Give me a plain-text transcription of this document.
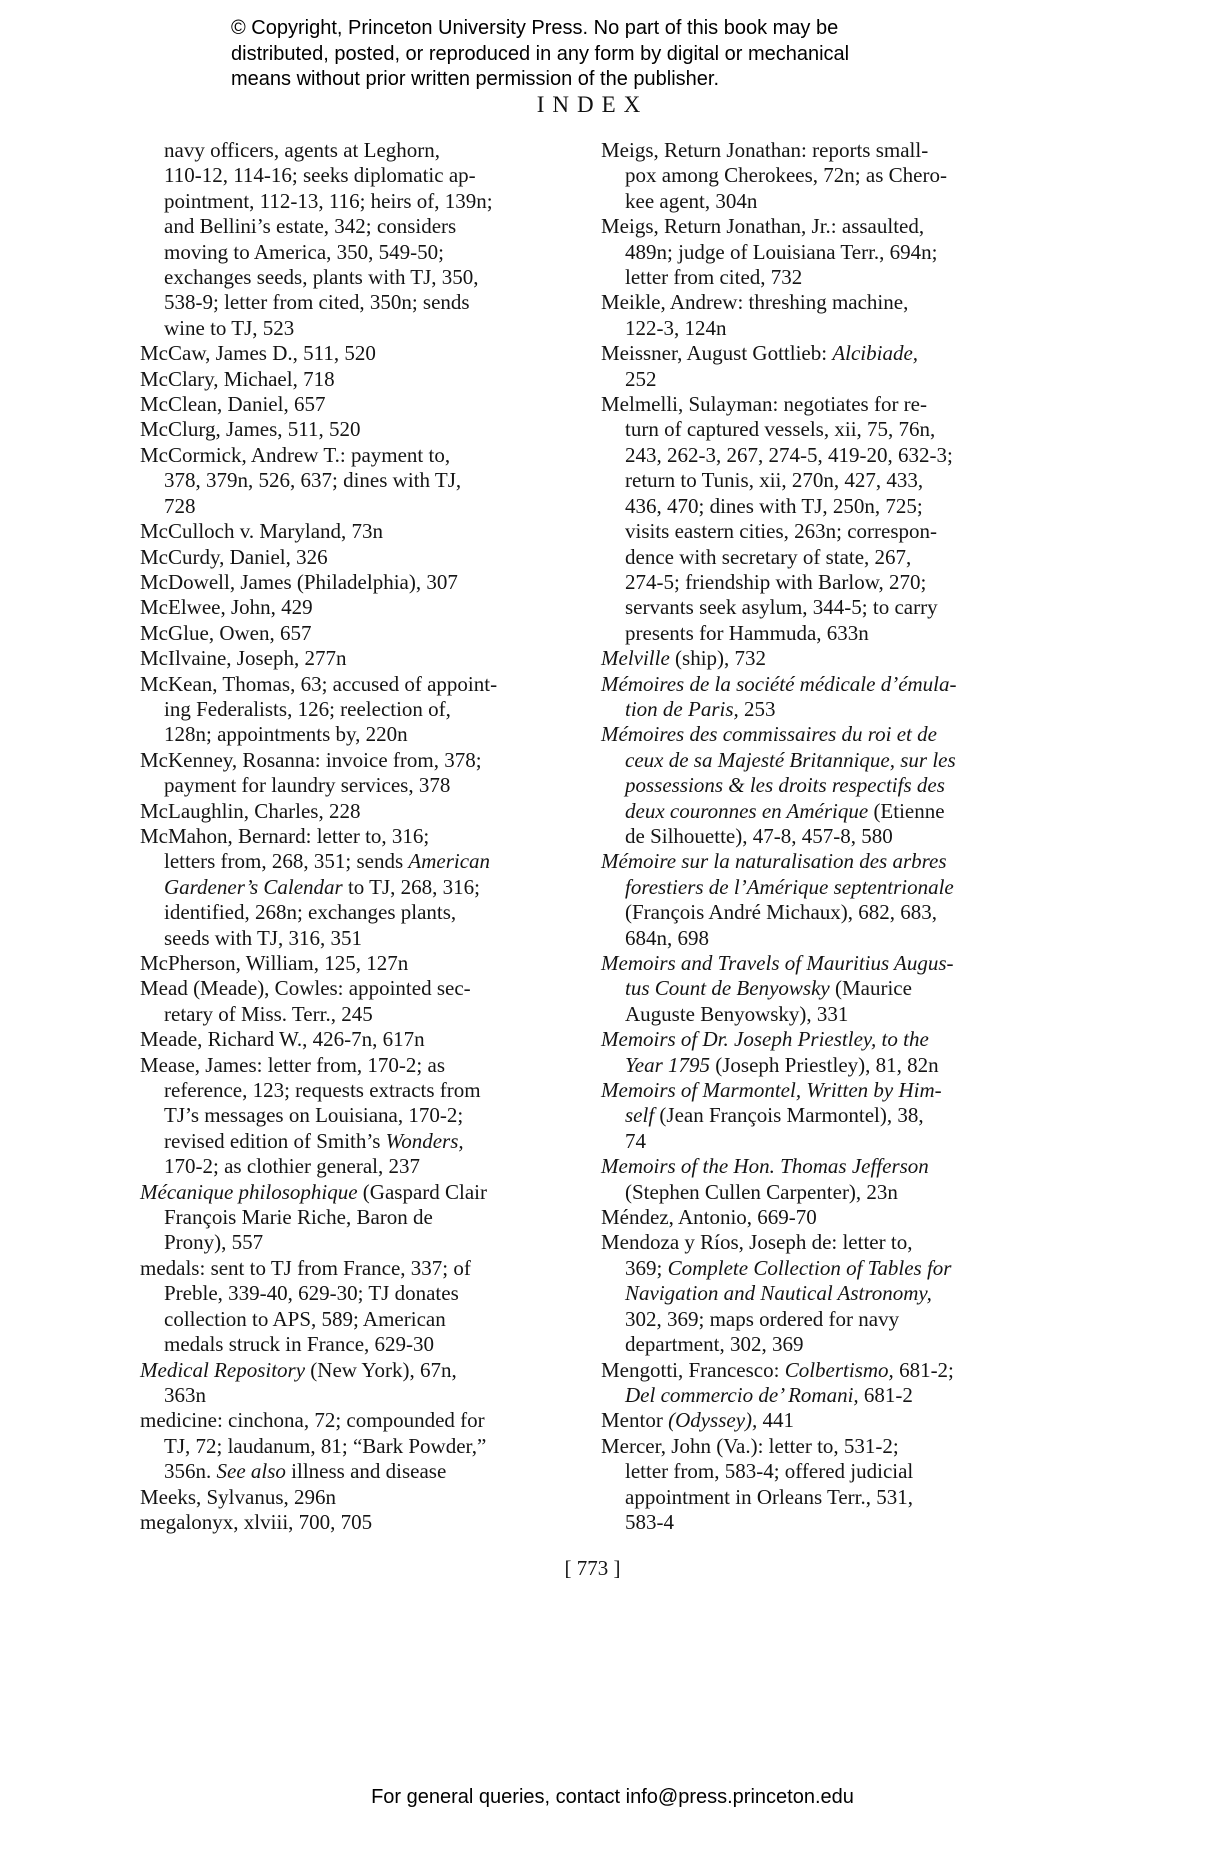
© Copyright, Princeton University Press. No part of this book may be
distributed, posted, or reproduced in any form by digital or mechanical
means without prior written permission of the publisher.
INDEX
navy officers, agents at Leghorn,
110-12, 114-16; seeks diplomatic ap-
pointment, 112-13, 116; heirs of, 139n;
and Bellini’s estate, 342; considers
moving to America, 350, 549-50;
exchanges seeds, plants with TJ, 350,
538-9; letter from cited, 350n; sends
wine to TJ, 523
McCaw, James D., 511, 520
McClary, Michael, 718
McClean, Daniel, 657
McClurg, James, 511, 520
McCormick, Andrew T.: payment to,
378, 379n, 526, 637; dines with TJ,
728
McCulloch v. Maryland, 73n
McCurdy, Daniel, 326
McDowell, James (Philadelphia), 307
McElwee, John, 429
McGlue, Owen, 657
McIlvaine, Joseph, 277n
McKean, Thomas, 63; accused of appoint-
ing Federalists, 126; reelection of,
128n; appointments by, 220n
McKenney, Rosanna: invoice from, 378;
payment for laundry services, 378
McLaughlin, Charles, 228
McMahon, Bernard: letter to, 316;
letters from, 268, 351; sends American
Gardener’s Calendar to TJ, 268, 316;
identified, 268n; exchanges plants,
seeds with TJ, 316, 351
McPherson, William, 125, 127n
Mead (Meade), Cowles: appointed sec-
retary of Miss. Terr., 245
Meade, Richard W., 426-7n, 617n
Mease, James: letter from, 170-2; as
reference, 123; requests extracts from
TJ’s messages on Louisiana, 170-2;
revised edition of Smith’s Wonders,
170-2; as clothier general, 237
Mécanique philosophique (Gaspard Clair
François Marie Riche, Baron de
Prony), 557
medals: sent to TJ from France, 337; of
Preble, 339-40, 629-30; TJ donates
collection to APS, 589; American
medals struck in France, 629-30
Medical Repository (New York), 67n,
363n
medicine: cinchona, 72; compounded for
TJ, 72; laudanum, 81; “Bark Powder,”
356n. See also illness and disease
Meeks, Sylvanus, 296n
megalonyx, xlviii, 700, 705
Meigs, Return Jonathan: reports small-
pox among Cherokees, 72n; as Chero-
kee agent, 304n
Meigs, Return Jonathan, Jr.: assaulted,
489n; judge of Louisiana Terr., 694n;
letter from cited, 732
Meikle, Andrew: threshing machine,
122-3, 124n
Meissner, August Gottlieb: Alcibiade,
252
Melmelli, Sulayman: negotiates for re-
turn of captured vessels, xii, 75, 76n,
243, 262-3, 267, 274-5, 419-20, 632-3;
return to Tunis, xii, 270n, 427, 433,
436, 470; dines with TJ, 250n, 725;
visits eastern cities, 263n; correspon-
dence with secretary of state, 267,
274-5; friendship with Barlow, 270;
servants seek asylum, 344-5; to carry
presents for Hammuda, 633n
Melville (ship), 732
Mémoires de la société médicale d’émula-
tion de Paris, 253
Mémoires des commissaires du roi et de
ceux de sa Majesté Britannique, sur les
possessions & les droits respectifs des
deux couronnes en Amérique (Etienne
de Silhouette), 47-8, 457-8, 580
Mémoire sur la naturalisation des arbres
forestiers de l’Amérique septentrionale
(François André Michaux), 682, 683,
684n, 698
Memoirs and Travels of Mauritius Augus-
tus Count de Benyowsky (Maurice
Auguste Benyowsky), 331
Memoirs of Dr. Joseph Priestley, to the
Year 1795 (Joseph Priestley), 81, 82n
Memoirs of Marmontel, Written by Him-
self (Jean François Marmontel), 38,
74
Memoirs of the Hon. Thomas Jefferson
(Stephen Cullen Carpenter), 23n
Méndez, Antonio, 669-70
Mendoza y Ríos, Joseph de: letter to,
369; Complete Collection of Tables for
Navigation and Nautical Astronomy,
302, 369; maps ordered for navy
department, 302, 369
Mengotti, Francesco: Colbertismo, 681-2;
Del commercio de’ Romani, 681-2
Mentor (Odyssey), 441
Mercer, John (Va.): letter to, 531-2;
letter from, 583-4; offered judicial
appointment in Orleans Terr., 531,
583-4
[ 773 ]
For general queries, contact info@press.princeton.edu
